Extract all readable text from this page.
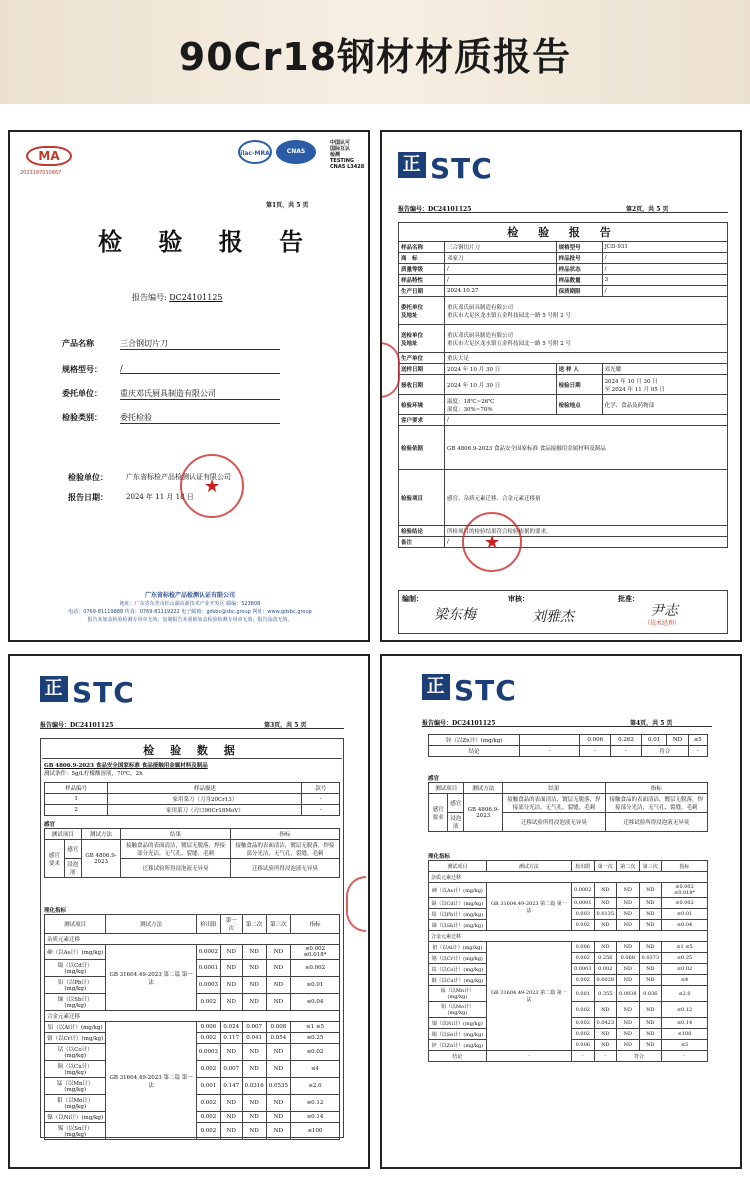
90Cr18钢材材质报告
MA
2023197010867
ilac-MRA	CNAS
中国认可
国际互认
检测
TESTING
CNAS L3428
第1页，共 5 页
检 验 报 告
报告编号: DC24101125
产品名称	三合钢切片刀
规格型号： /
委托单位： 重庆邓氏厨具制造有限公司
检验类别： 委托检验
检验单位：	广东省标检产品检测认证有限公司
报告日期：	2024 年 11 月 18 日 ★
广东省标检产品检测认证有限公司
地址：广东省东莞市松山湖高新技术产业开发区 邮编：523808
电话：0769-81119888 传真：0769-81119222 电子邮箱：gdsbc@sbc.group 网址：www.gdsbc.group
报告未加盖检验检测专用章无效；复制报告未重新加盖检验检测专用章无效；报告涂改无效。
正 STC
报告编号：DC24101125	第2页，共 5 页
检 验 报 告			
样品名称	三合钢切片刀	规格型号	JCD-931
商　标	邓家刀	样品批号	/
质量等级	/	样品状态	/
样品特性	/	样品数量	3
生产日期	2024.10.27	保质期限	/
委托单位
及地址	重庆邓氏厨具制造有限公司
重庆市大足区龙水镇五金科技园北一路 5 号附 2 号		
送检单位
及地址	重庆邓氏厨具制造有限公司
重庆市大足区龙水镇五金科技园北一路 5 号附 2 号		
生产单位	重庆大足		
送样日期	2024 年 10 月 30 日	送 样 人	邓光耀
接收日期	2024 年 10 月 30 日	检验日期	2024 年 10 月 30 日
至 2024 年 11 月 05 日
检验环境	温度：18℃~26℃
湿度：30%~70%	检验地点	化学、食品及药物部
客户要求	/		
检验依据	GB 4806.9-2023 食品安全国家标准 食品接触用金属材料及制品		
检验项目	感官、杂质元素迁移、合金元素迁移量		
检验结论	所检项目的检验结果符合检验依据的要求。		
备注	/		★
编制：	审核：	批准：
梁东梅	刘雅杰	尹志
（技术经理）
正 STC
报告编号：DC24101125	第3页，共 5 页
检 验 数 据
GB 4806.9-2023 食品安全国家标准 食品接触用金属材料及制品
测试条件：5g/L柠檬酸溶液，70℃，2h
样品编号	样品描述	款号
1	家用菜刀（刀身20Cr13）	-
2	家用菜刀（刃口90Cr18MoV）	-
感官
测试项目		测试方法	结果	指标
感官要求	感官	GB 4806.9-2023	接触食品的表面清洁，镀层无脱落，焊接部分光洁，无气孔、裂缝、毛刺	接触食品的表面清洁，镀层无脱落，焊接部分光洁，无气孔、裂缝、毛刺
	浸泡液		迁移试验所得浸泡液无异臭	迁移试验所得浸泡液无异臭
理化指标
测试项目	测试方法	检出限	第一次	第二次	第三次	指标
杂质元素迁移						
砷（以As计）(mg/kg)	GB 31604.49-2023 第二篇 第一法	0.0002	ND	ND	ND	≤0.002 ≤0.018*
镉（以Cd计）(mg/kg)		0.0001	ND	ND	ND	≤0.002
铅（以Pb计）(mg/kg)		0.0003	ND	ND	ND	≤0.01
锑（以Sb计）(mg/kg)		0.002	ND	ND	ND	≤0.04
合金元素迁移						
铝（以Al计）(mg/kg)	GB 31604.49-2023 第二篇 第一法	0.006	0.024	0.007	0.008	≤1 ≤5
铬（以Cr计）(mg/kg)		0.002	0.117	0.041	0.054	≤0.25
钴（以Co计）(mg/kg)		0.0003	ND	ND	ND	≤0.02
铜（以Cu计）(mg/kg)		0.002	0.007	ND	ND	≤4
锰（以Mn计）(mg/kg)		0.001	0.147	0.0316	0.0535	≤2.0
钼（以Mo计）(mg/kg)		0.002	ND	ND	ND	≤0.12
镍（以Ni计）(mg/kg)		0.002	ND	ND	ND	≤0.14
锡（以Sn计）(mg/kg)		0.002	ND	ND	ND	≤100
正 STC
报告编号：DC24101125	第4页，共 5 页
锌（以Zn计）(mg/kg)		0.006	0.262	0.01	ND	≤5
结论	-	-	-	符合		-
感官
测试项目		测试方法	结果	指标
感官要求	感官	GB 4806.9-2023	接触食品的表面清洁，镀层无脱落，焊接部分光洁，无气孔、裂缝、毛刺	接触食品的表面清洁，镀层无脱落，焊接部分光洁，无气孔、裂缝、毛刺
	浸泡液		迁移试验所得浸泡液无异臭	迁移试验所得浸泡液无异臭
理化指标
测试项目	测试方法	检出限	第一次	第二次	第三次	指标
杂质元素迁移						
砷（以As计）(mg/kg)	GB 31604.49-2023 第二篇 第一法	0.0002	ND	ND	ND	≤0.002 ≤0.018*
镉（以Cd计）(mg/kg)		0.0001	ND	ND	ND	≤0.002
铅（以Pb计）(mg/kg)		0.003	0.0135	ND	ND	≤0.01
锑（以Sb计）(mg/kg)		0.002	ND	ND	ND	≤0.04
合金元素迁移						
铝（以Al计）(mg/kg)	GB 31604.49-2023 第二篇 第一法	0.006	ND	ND	ND	≤1 ≤5
铬（以Cr计）(mg/kg)		0.002	0.256	0.068	0.0373	≤0.25
钴（以Co计）(mg/kg)		0.0003	0.002	ND	ND	≤0.02
铜（以Cu计）(mg/kg)		0.002	0.0028	ND	ND	≤4
锰（以Mn计）(mg/kg)		0.001	0.355	0.0938	0.036	≤2.0
钼（以Mo计）(mg/kg)		0.002	ND	ND	ND	≤0.12
镍（以Ni计）(mg/kg)		0.002	0.0423	ND	ND	≤0.14
锡（以Sn计）(mg/kg)		0.002	ND	ND	ND	≤100
锌（以Zn计）(mg/kg)		0.006	ND	ND	ND	≤5
结论	-	-	-	符合		-
